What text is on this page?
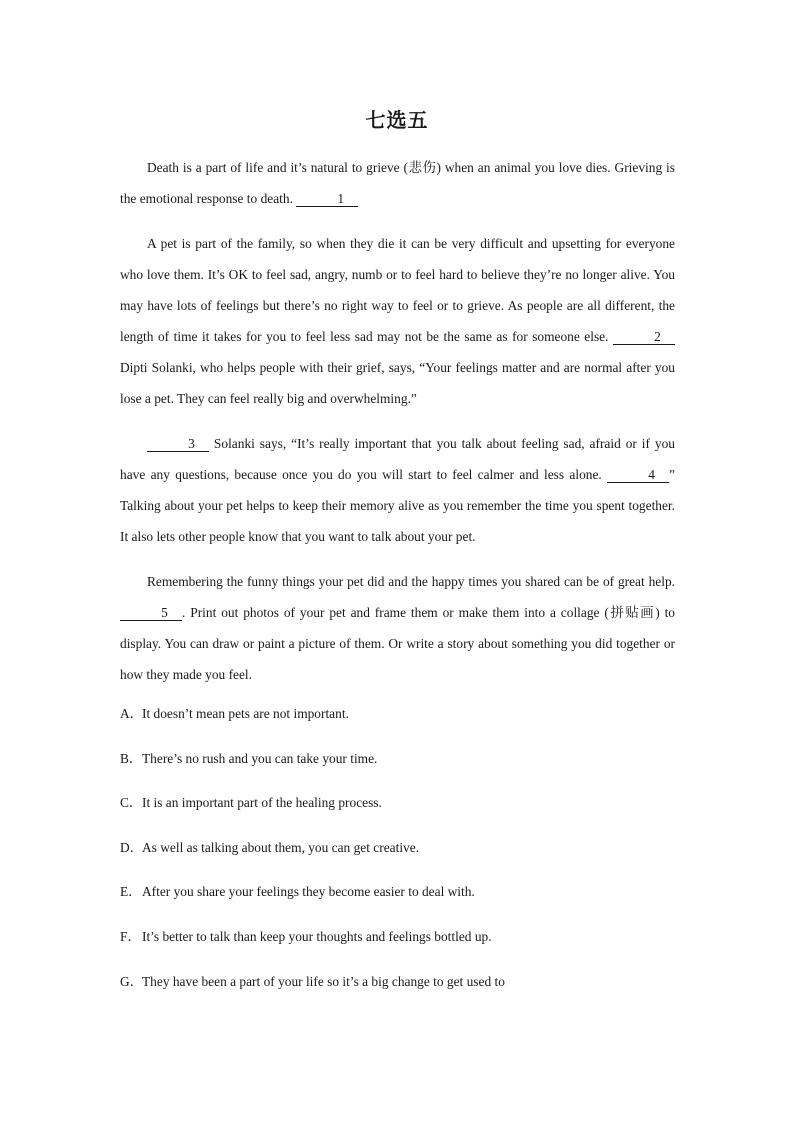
七选五

Death is a part of life and it’s natural to grieve (悲伤) when an animal you love dies. Grieving is the emotional response to death.	1

A pet is part of the family, so when they die it can be very difficult and upsetting for everyone who love them. It’s OK to feel sad, angry, numb or to feel hard to believe they’re no longer alive. You may have lots of feelings but there’s no right way to feel or to grieve. As people are all different, the length of time it takes for you to feel less sad may not be the same as for someone else.	2 Dipti Solanki, who helps people with their grief, says, “Your feelings matter and are normal after you lose a pet. They can feel really big and overwhelming.”

3 Solanki says, “It’s really important that you talk about feeling sad, afraid or if you have any questions, because once you do you will start to feel calmer and less alone.	4 ” Talking about your pet helps to keep their memory alive as you remember the time you spent together. It also lets other people know that you want to talk about your pet.

Remembering the funny things your pet did and the happy times you shared can be of great help. 5 . Print out photos of your pet and frame them or make them into a collage (拼贴画) to display. You can draw or paint a picture of them. Or write a story about something you did together or how they made you feel.

A．It doesn’t mean pets are not important.
B．There’s no rush and you can take your time.
C．It is an important part of the healing process.
D．As well as talking about them, you can get creative.
E．After you share your feelings they become easier to deal with.
F．It’s better to talk than keep your thoughts and feelings bottled up.
G．They have been a part of your life so it’s a big change to get used to
